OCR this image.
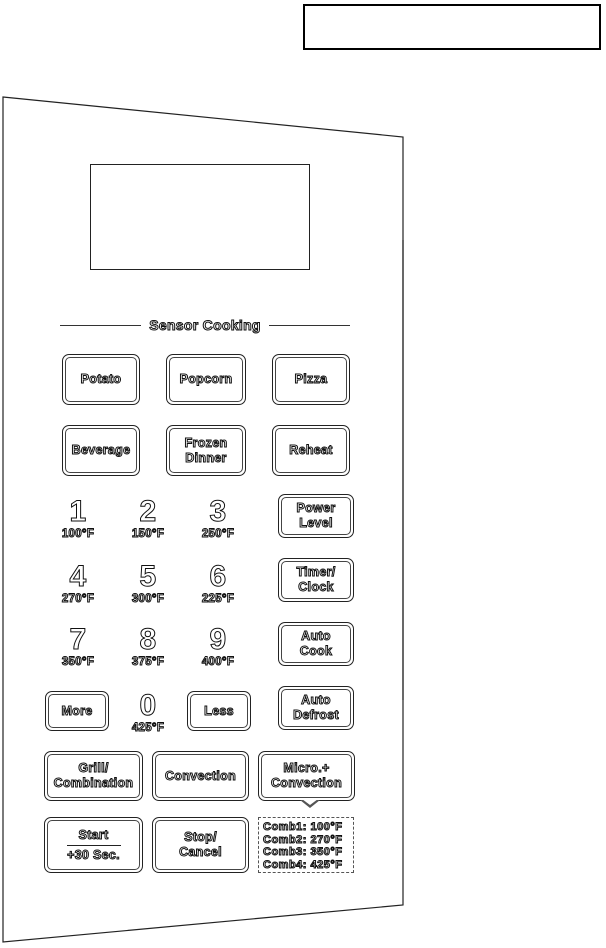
Sensor Cooking
Potato	Popcorn	Pizza
Beverage
Frozen
Dinner
Reheat
1
100°F
2
150°F
3
250°F
4
270°F
5
300°F
6
225°F
7
350°F
8
375°F
9
400°F
0
425°F
Power
Level
Timer/
Clock
Auto
Cook
Auto
Defrost
More	Less
Grill/
Combination
Convection
Micro.+
Convection
Start
+30 Sec.
Stop/
Cancel
Comb1: 100°F
Comb2: 270°F
Comb3: 350°F
Comb4: 425°F
